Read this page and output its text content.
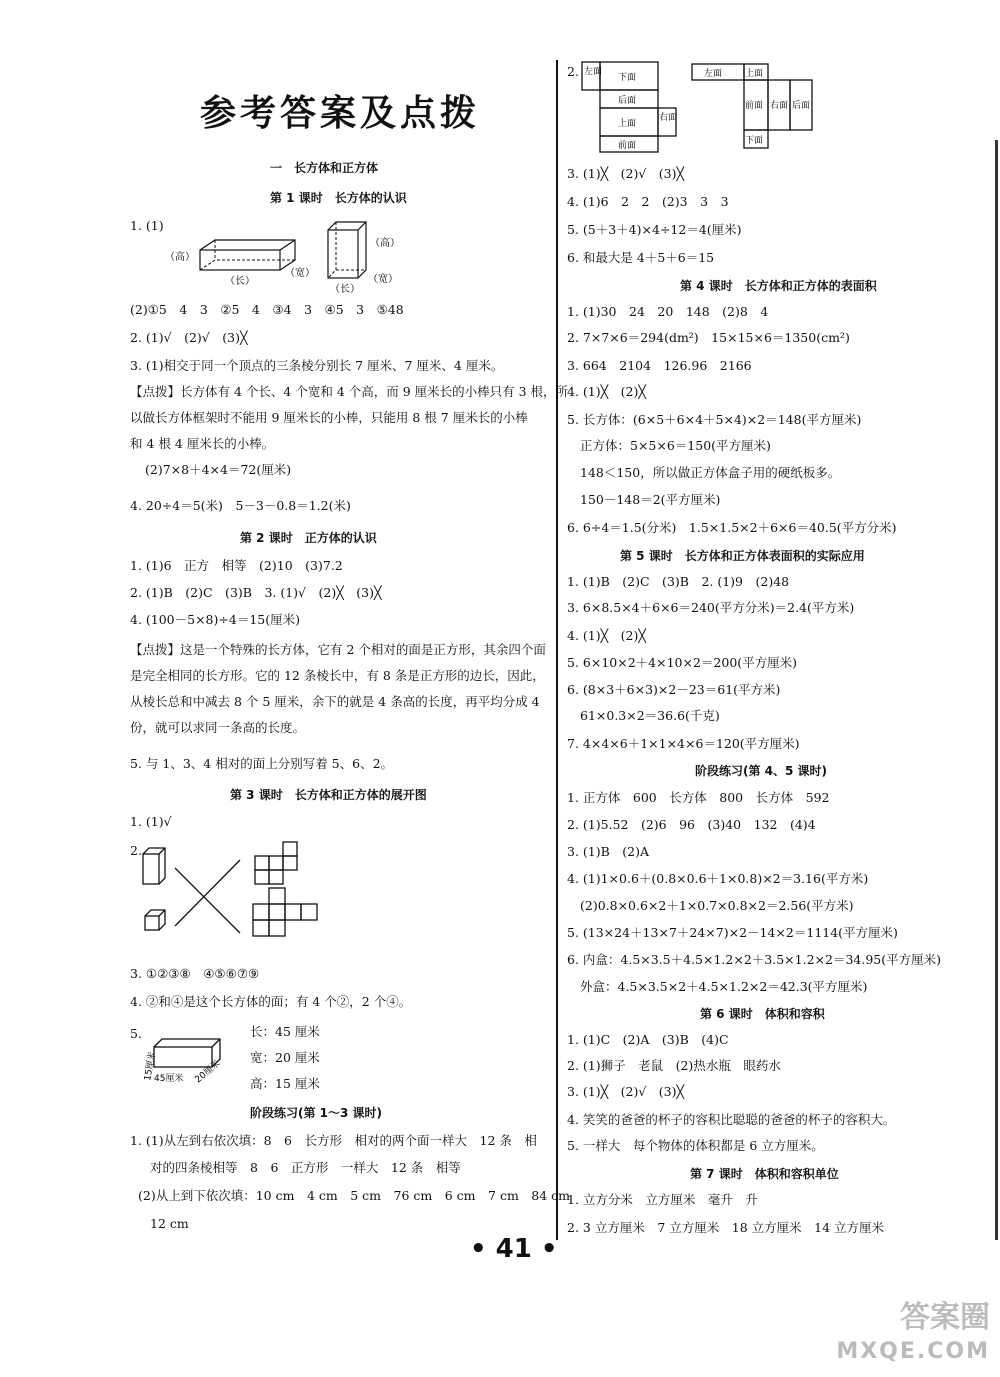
参考答案及点拨
一　长方体和正方体
第 1 课时　长方体的认识
1. (1)
（高）
（长）
（宽）
（高）
（长）
（宽）
(2)①5　4　3　②5　4　③4　3　④5　3　⑤48
2. (1)√　(2)√　(3)╳
3. (1)相交于同一个顶点的三条棱分别长 7 厘米、7 厘米、4 厘米。
【点拨】长方体有 4 个长、4 个宽和 4 个高，而 9 厘米长的小棒只有 3 根，所
以做长方体框架时不能用 9 厘米长的小棒，只能用 8 根 7 厘米长的小棒
和 4 根 4 厘米长的小棒。
(2)7×8＋4×4＝72(厘米)
4. 20÷4＝5(米)　5－3－0.8＝1.2(米)
第 2 课时　正方体的认识
1. (1)6　正方　相等　(2)10　(3)7.2
2. (1)B　(2)C　(3)B　3. (1)√　(2)╳　(3)╳
4. (100－5×8)÷4＝15(厘米)
【点拨】这是一个特殊的长方体，它有 2 个相对的面是正方形，其余四个面
是完全相同的长方形。它的 12 条棱长中，有 8 条是正方形的边长，因此，
从棱长总和中减去 8 个 5 厘米，余下的就是 4 条高的长度，再平均分成 4
份，就可以求同一条高的长度。
5. 与 1、3、4 相对的面上分别写着 5、6、2。
第 3 课时　长方体和正方体的展开图
1. (1)√
2.
3. ①②③⑧　④⑤⑥⑦⑨
4. ②和④是这个长方体的面；有 4 个②，2 个④。
5.
15厘米
45厘米 20厘米
长：45 厘米
宽：20 厘米
高：15 厘米
阶段练习(第 1～3 课时)
1. (1)从左到右依次填：8　6　长方形　相对的两个面一样大　12 条　相
对的四条棱相等　8　6　正方形　一样大　12 条　相等
(2)从上到下依次填：10 cm　4 cm　5 cm　76 cm　6 cm　7 cm　84 cm
12 cm
2. 左面
下面
后面
上面
右面
前面
左面	上面
前面 右面 后面
下面
3. (1)╳　(2)√　(3)╳
4. (1)6　2　2　(2)3　3　3
5. (5＋3＋4)×4÷12＝4(厘米)
6. 和最大是 4＋5＋6＝15
第 4 课时　长方体和正方体的表面积
1. (1)30　24　20　148　(2)8　4
2. 7×7×6＝294(dm²)　15×15×6＝1350(cm²)
3. 664　2104　126.96　2166
4. (1)╳　(2)╳
5. 长方体：(6×5＋6×4＋5×4)×2＝148(平方厘米)
正方体：5×5×6＝150(平方厘米)
148＜150，所以做正方体盒子用的硬纸板多。
150－148＝2(平方厘米)
6. 6÷4＝1.5(分米)　1.5×1.5×2＋6×6＝40.5(平方分米)
第 5 课时　长方体和正方体表面积的实际应用
1. (1)B　(2)C　(3)B　2. (1)9　(2)48
3. 6×8.5×4＋6×6＝240(平方分米)＝2.4(平方米)
4. (1)╳　(2)╳
5. 6×10×2＋4×10×2＝200(平方厘米)
6. (8×3＋6×3)×2－23＝61(平方米)
61×0.3×2＝36.6(千克)
7. 4×4×6＋1×1×4×6＝120(平方厘米)
阶段练习(第 4、5 课时)
1. 正方体　600　长方体　800　长方体　592
2. (1)5.52　(2)6　96　(3)40　132　(4)4
3. (1)B　(2)A
4. (1)1×0.6＋(0.8×0.6＋1×0.8)×2＝3.16(平方米)
(2)0.8×0.6×2＋1×0.7×0.8×2＝2.56(平方米)
5. (13×24＋13×7＋24×7)×2－14×2＝1114(平方厘米)
6. 内盒：4.5×3.5＋4.5×1.2×2＋3.5×1.2×2＝34.95(平方厘米)
外盒：4.5×3.5×2＋4.5×1.2×2＝42.3(平方厘米)
第 6 课时　体积和容积
1. (1)C　(2)A　(3)B　(4)C
2. (1)狮子　老鼠　(2)热水瓶　眼药水
3. (1)╳　(2)√　(3)╳
4. 笑笑的爸爸的杯子的容积比聪聪的爸爸的杯子的容积大。
5. 一样大　每个物体的体积都是 6 立方厘米。
第 7 课时　体积和容积单位
1. 立方分米　立方厘米　毫升　升
2. 3 立方厘米　7 立方厘米　18 立方厘米　14 立方厘米
• 41 •
答案圈
MXQE.COM
